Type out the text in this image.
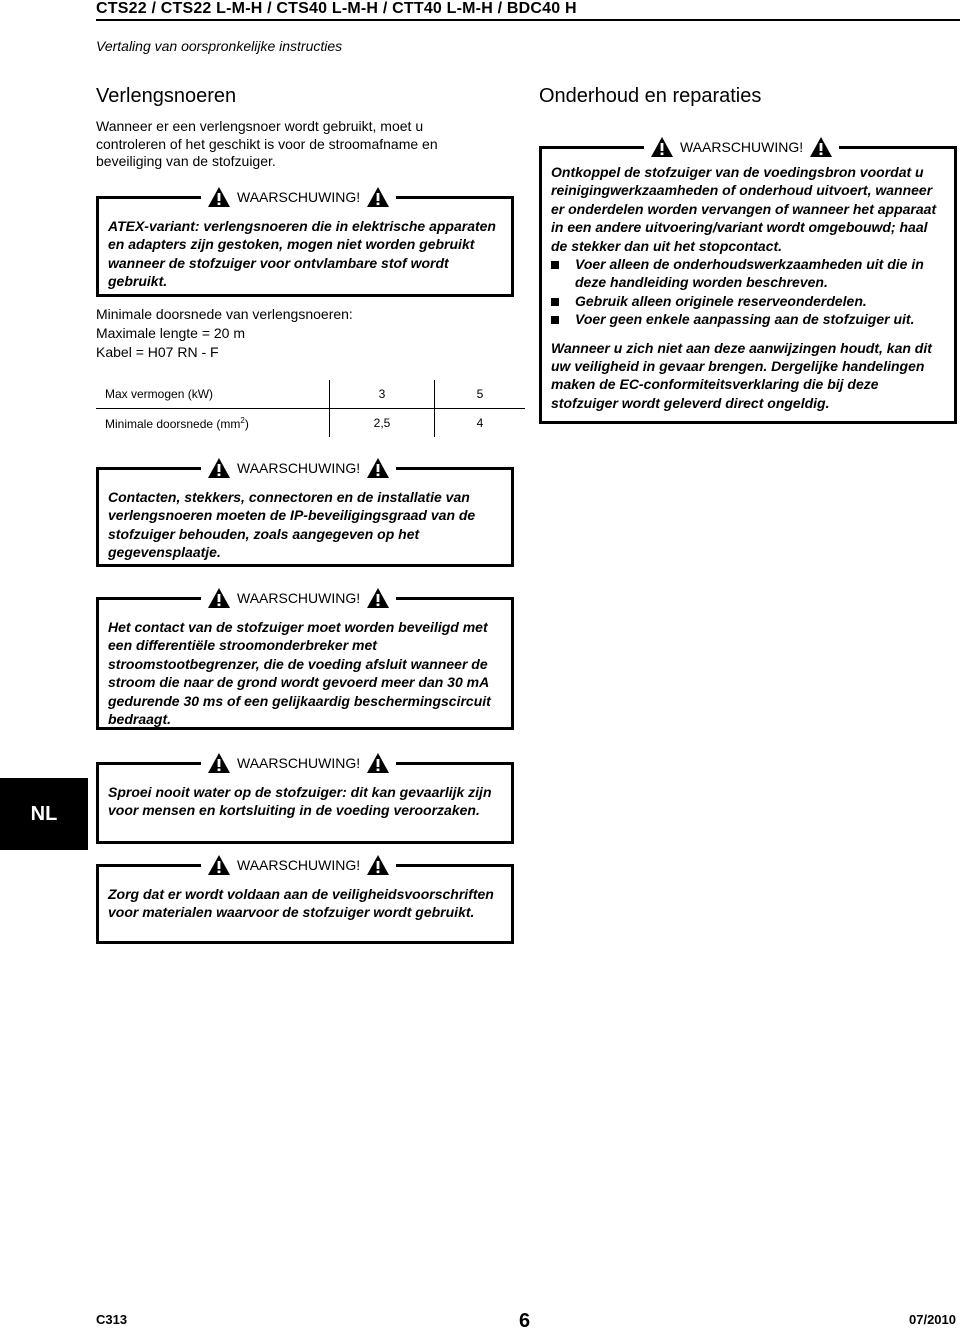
CTS22 / CTS22 L-M-H / CTS40 L-M-H / CTT40 L-M-H / BDC40 H
Vertaling van oorspronkelijke instructies
Verlengsnoeren
Wanneer er een verlengsnoer wordt gebruikt, moet u controleren of het geschikt is voor de stroomafname en beveiliging van de stofzuiger.
WAARSCHUWING!
ATEX-variant: verlengsnoeren die in elektrische apparaten en adapters zijn gestoken, mogen niet worden gebruikt wanneer de stofzuiger voor ontvlambare stof wordt gebruikt.
Minimale doorsnede van verlengsnoeren:
Maximale lengte = 20 m
Kabel = H07 RN - F
Max vermogen (kW)	3	5
Minimale doorsnede $(mm^2)$	2,5	4
Onderhoud en reparaties
WAARSCHUWING!
Ontkoppel de stofzuiger van de voedingsbron voordat u reinigingwerkzaamheden of onderhoud uitvoert, wanneer er onderdelen worden vervangen of wanneer het apparaat in een andere uitvoering/variant wordt omgebouwd; haal de stekker dan uit het stopcontact.
Voer alleen de onderhoudswerkzaamheden uit die in deze handleiding worden beschreven.
Gebruik alleen originele reserveonderdelen.
Voer geen enkele aanpassing aan de stofzuiger uit.
Wanneer u zich niet aan deze aanwijzingen houdt, kan dit uw veiligheid in gevaar brengen. Dergelijke handelingen maken de EC-conformiteitsverklaring die bij deze stofzuiger wordt geleverd direct ongeldig.
WAARSCHUWING!
Contacten, stekkers, connectoren en de installatie van verlengsnoeren moeten de IP-beveiligingsgraad van de stofzuiger behouden, zoals aangegeven op het gegevensplaatje.
WAARSCHUWING!
Het contact van de stofzuiger moet worden beveiligd met een differentiële stroomonderbreker met stroomstootbegrenzer, die de voeding afsluit wanneer de stroom die naar de grond wordt gevoerd meer dan 30 mA gedurende 30 ms of een gelijkaardig beschermingscircuit bedraagt.
WAARSCHUWING!
Sproei nooit water op de stofzuiger: dit kan gevaarlijk zijn voor mensen en kortsluiting in de voeding veroorzaken.
WAARSCHUWING!
Zorg dat er wordt voldaan aan de veiligheidsvoorschriften voor materialen waarvoor de stofzuiger wordt gebruikt.
NL
C313	6	07/2010
